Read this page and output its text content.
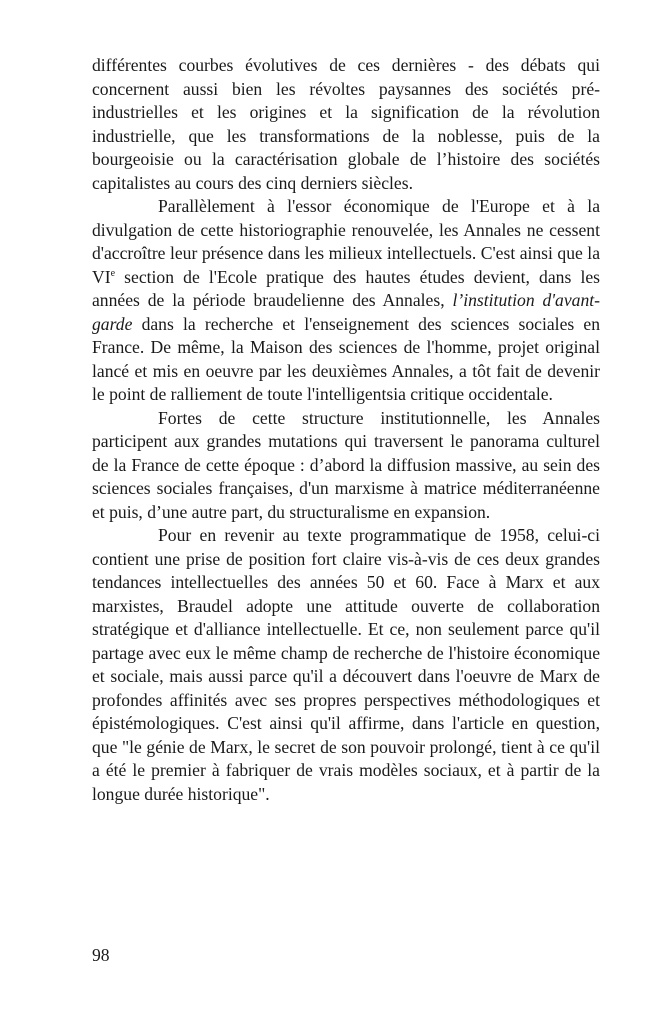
différentes courbes évolutives de ces dernières - des débats qui concernent aussi bien les révoltes paysannes des sociétés pré-industrielles et les origines et la signification de la révolution industrielle, que les transformations de la noblesse, puis de la bourgeoisie ou la caractérisation globale de l’histoire des sociétés capitalistes au cours des cinq derniers siècles.

Parallèlement à l'essor économique de l'Europe et à la divulgation de cette historiographie renouvelée, les Annales ne cessent d'accroître leur présence dans les milieux intellectuels. C'est ainsi que la VIe section de l'Ecole pratique des hautes études devient, dans les années de la période braudelienne des Annales, l’institution d'avant-garde dans la recherche et l'enseignement des sciences sociales en France. De même, la Maison des sciences de l'homme, projet original lancé et mis en oeuvre par les deuxièmes Annales, a tôt fait de devenir le point de ralliement de toute l'intelligentsia critique occidentale.

Fortes de cette structure institutionnelle, les Annales participent aux grandes mutations qui traversent le panorama culturel de la France de cette époque : d’abord la diffusion massive, au sein des sciences sociales françaises, d'un marxisme à matrice méditerranéenne et puis, d’une autre part, du structuralisme en expansion.

Pour en revenir au texte programmatique de 1958, celui-ci contient une prise de position fort claire vis-à-vis de ces deux grandes tendances intellectuelles des années 50 et 60. Face à Marx et aux marxistes, Braudel adopte une attitude ouverte de collaboration stratégique et d'alliance intellectuelle. Et ce, non seulement parce qu'il partage avec eux le même champ de recherche de l'histoire économique et sociale, mais aussi parce qu'il a découvert dans l'oeuvre de Marx de profondes affinités avec ses propres perspectives méthodologiques et épistémologiques. C'est ainsi qu'il affirme, dans l'article en question, que "le génie de Marx, le secret de son pouvoir prolongé, tient à ce qu'il a été le premier à fabriquer de vrais modèles sociaux, et à partir de la longue durée historique".

98
